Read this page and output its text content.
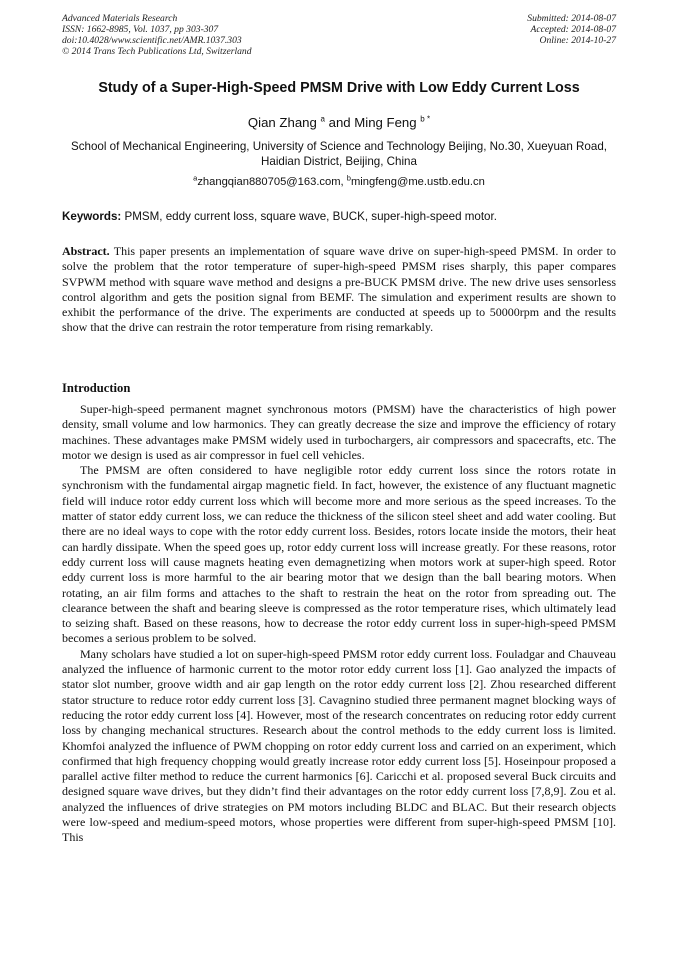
Advanced Materials Research
ISSN: 1662-8985, Vol. 1037, pp 303-307
doi:10.4028/www.scientific.net/AMR.1037.303
© 2014 Trans Tech Publications Ltd, Switzerland
Submitted: 2014-08-07
Accepted: 2014-08-07
Online: 2014-10-27
Study of a Super-High-Speed PMSM Drive with Low Eddy Current Loss
Qian Zhang $^a$ and Ming Feng $^{b *}$
School of Mechanical Engineering, University of Science and Technology Beijing, No.30, Xueyuan Road, Haidian District, Beijing, China
$^a$zhangqian880705@163.com, $^b$mingfeng@me.ustb.edu.cn
Keywords: PMSM, eddy current loss, square wave, BUCK, super-high-speed motor.
Abstract. This paper presents an implementation of square wave drive on super-high-speed PMSM. In order to solve the problem that the rotor temperature of super-high-speed PMSM rises sharply, this paper compares SVPWM method with square wave method and designs a pre-BUCK PMSM drive. The new drive uses sensorless control algorithm and gets the position signal from BEMF. The simulation and experiment results are shown to exhibit the performance of the drive. The experiments are conducted at speeds up to 50000rpm and the results show that the drive can restrain the rotor temperature from rising remarkably.
Introduction

Super-high-speed permanent magnet synchronous motors (PMSM) have the characteristics of high power density, small volume and low harmonics. They can greatly decrease the size and improve the efficiency of rotary machines. These advantages make PMSM widely used in turbochargers, air compressors and spacecrafts, etc. The motor we design is used as air compressor in fuel cell vehicles.

The PMSM are often considered to have negligible rotor eddy current loss since the rotors rotate in synchronism with the fundamental airgap magnetic field. In fact, however, the existence of any fluctuant magnetic field will induce rotor eddy current loss which will become more and more serious as the speed increases. To the matter of stator eddy current loss, we can reduce the thickness of the silicon steel sheet and add water cooling. But there are no ideal ways to cope with the rotor eddy current loss. Besides, rotors locate inside the motors, their heat can hardly dissipate. When the speed goes up, rotor eddy current loss will increase greatly. For these reasons, rotor eddy current loss will cause magnets heating even demagnetizing when motors work at super-high speed. Rotor eddy current loss is more harmful to the air bearing motor that we design than the ball bearing motors. When rotating, an air film forms and attaches to the shaft to restrain the heat on the rotor from spreading out. The clearance between the shaft and bearing sleeve is compressed as the rotor temperature rises, which ultimately lead to seizing shaft. Based on these reasons, how to decrease the rotor eddy current loss in super-high-speed PMSM becomes a serious problem to be solved.

Many scholars have studied a lot on super-high-speed PMSM rotor eddy current loss. Fouladgar and Chauveau analyzed the influence of harmonic current to the motor rotor eddy current loss [1]. Gao analyzed the impacts of stator slot number, groove width and air gap length on the rotor eddy current loss [2]. Zhou researched different stator structure to reduce rotor eddy current loss [3]. Cavagnino studied three permanent magnet blocking ways of reducing the rotor eddy current loss [4]. However, most of the research concentrates on reducing rotor eddy current loss by changing mechanical structures. Research about the control methods to the eddy current loss is limited. Khomfoi analyzed the influence of PWM chopping on rotor eddy current loss and carried on an experiment, which confirmed that high frequency chopping would greatly increase rotor eddy current loss [5]. Hoseinpour proposed a parallel active filter method to reduce the current harmonics [6]. Caricchi et al. proposed several Buck circuits and designed square wave drives, but they didn’t find their advantages on the rotor eddy current loss [7,8,9]. Zou et al. analyzed the influences of drive strategies on PM motors including BLDC and BLAC. But their research objects were low-speed and medium-speed motors, whose properties were different from super-high-speed PMSM [10]. This
